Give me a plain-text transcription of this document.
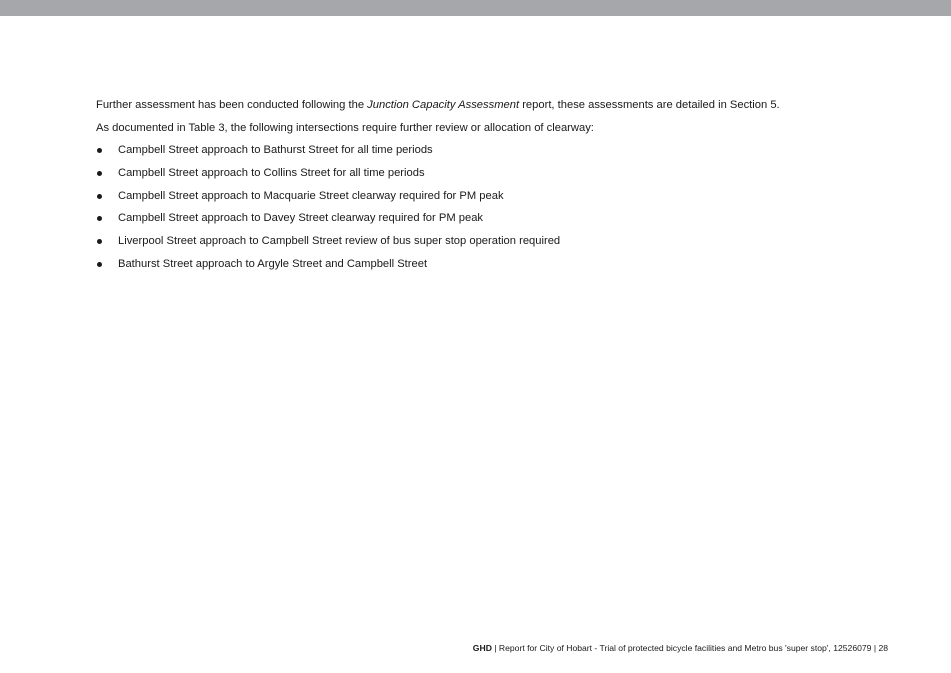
Further assessment has been conducted following the Junction Capacity Assessment report, these assessments are detailed in Section 5.

As documented in Table 3, the following intersections require further review or allocation of clearway:

Campbell Street approach to Bathurst Street for all time periods
Campbell Street approach to Collins Street for all time periods
Campbell Street approach to Macquarie Street clearway required for PM peak
Campbell Street approach to Davey Street clearway required for PM peak
Liverpool Street approach to Campbell Street review of bus super stop operation required
Bathurst Street approach to Argyle Street and Campbell Street
GHD | Report for City of Hobart - Trial of protected bicycle facilities and Metro bus 'super stop', 12526079 | 28
